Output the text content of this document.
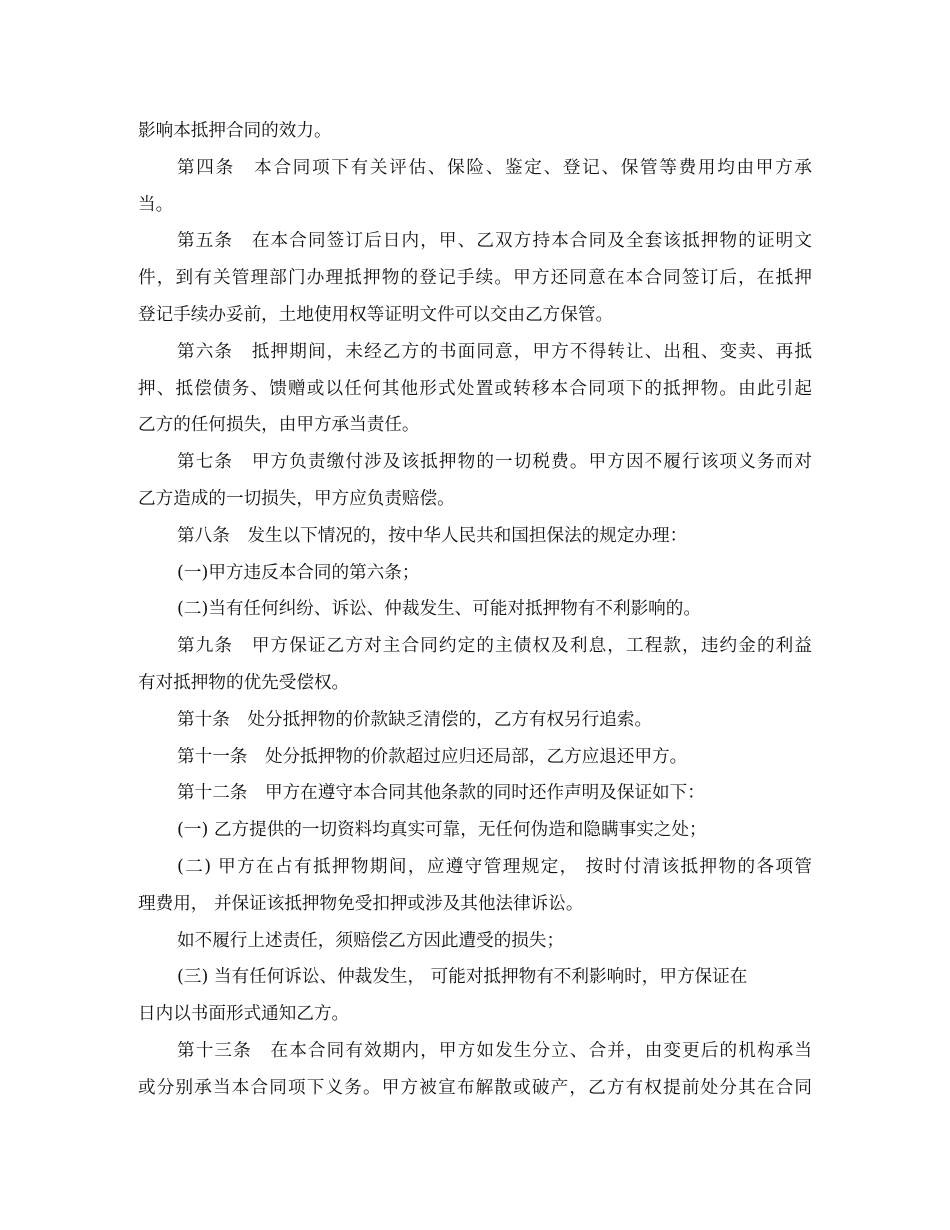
影响本抵押合同的效力。
第四条　本合同项下有关评估、保险、鉴定、登记、保管等费用均由甲方承
当。
第五条　在本合同签订后日内，甲、乙双方持本合同及全套该抵押物的证明文
件，到有关管理部门办理抵押物的登记手续。甲方还同意在本合同签订后，在抵押
登记手续办妥前，土地使用权等证明文件可以交由乙方保管。
第六条　抵押期间，未经乙方的书面同意，甲方不得转让、出租、变卖、再抵
押、抵偿债务、馈赠或以任何其他形式处置或转移本合同项下的抵押物。由此引起
乙方的任何损失，由甲方承当责任。
第七条　甲方负责缴付涉及该抵押物的一切税费。甲方因不履行该项义务而对
乙方造成的一切损失，甲方应负责赔偿。
第八条　发生以下情况的，按中华人民共和国担保法的规定办理：
(一)甲方违反本合同的第六条；
(二)当有任何纠纷、诉讼、仲裁发生、可能对抵押物有不利影响的。
第九条　甲方保证乙方对主合同约定的主债权及利息，工程款，违约金的利益
有对抵押物的优先受偿权。
第十条　处分抵押物的价款缺乏清偿的，乙方有权另行追索。
第十一条　处分抵押物的价款超过应归还局部，乙方应退还甲方。
第十二条　甲方在遵守本合同其他条款的同时还作声明及保证如下：
(一) 乙方提供的一切资料均真实可靠，无任何伪造和隐瞒事实之处；
(二) 甲方在占有抵押物期间，应遵守管理规定， 按时付清该抵押物的各项管
理费用， 并保证该抵押物免受扣押或涉及其他法律诉讼。
如不履行上述责任，须赔偿乙方因此遭受的损失；
(三) 当有任何诉讼、仲裁发生， 可能对抵押物有不利影响时，甲方保证在
日内以书面形式通知乙方。
第十三条　在本合同有效期内，甲方如发生分立、合并，由变更后的机构承当
或分别承当本合同项下义务。甲方被宣布解散或破产，乙方有权提前处分其在合同
